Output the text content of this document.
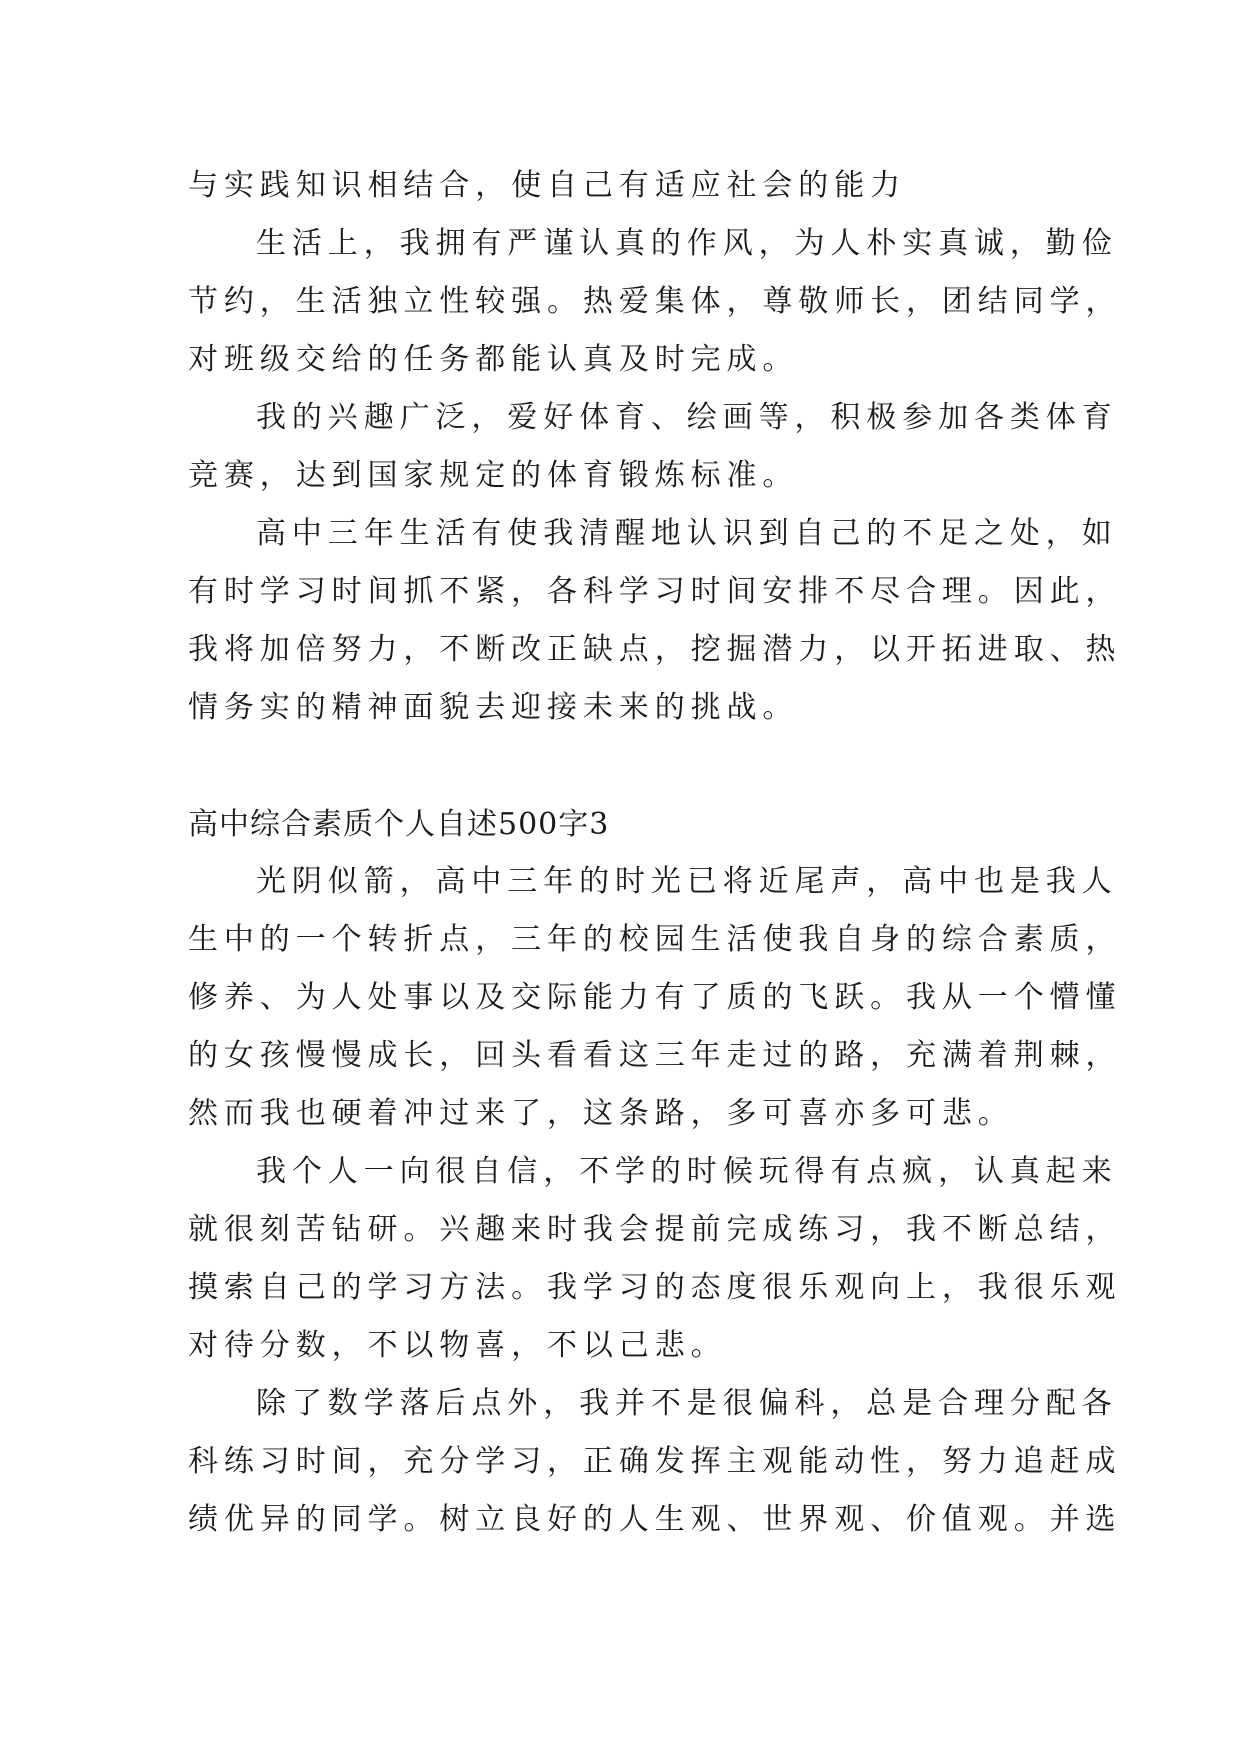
与实践知识相结合，使自己有适应社会的能力
生活上，我拥有严谨认真的作风，为人朴实真诚，勤俭
节约，生活独立性较强。热爱集体，尊敬师长，团结同学，
对班级交给的任务都能认真及时完成。
我的兴趣广泛，爱好体育、绘画等，积极参加各类体育
竞赛，达到国家规定的体育锻炼标准。
高中三年生活有使我清醒地认识到自己的不足之处，如
有时学习时间抓不紧，各科学习时间安排不尽合理。因此，
我将加倍努力，不断改正缺点，挖掘潜力，以开拓进取、热
情务实的精神面貌去迎接未来的挑战。
高中综合素质个人自述500字3
光阴似箭，高中三年的时光已将近尾声，高中也是我人
生中的一个转折点，三年的校园生活使我自身的综合素质，
修养、为人处事以及交际能力有了质的飞跃。我从一个懵懂
的女孩慢慢成长，回头看看这三年走过的路，充满着荆棘，
然而我也硬着冲过来了，这条路，多可喜亦多可悲。
我个人一向很自信，不学的时候玩得有点疯，认真起来
就很刻苦钻研。兴趣来时我会提前完成练习，我不断总结，
摸索自己的学习方法。我学习的态度很乐观向上，我很乐观
对待分数，不以物喜，不以己悲。
除了数学落后点外，我并不是很偏科，总是合理分配各
科练习时间，充分学习，正确发挥主观能动性，努力追赶成
绩优异的同学。树立良好的人生观、世界观、价值观。并选
